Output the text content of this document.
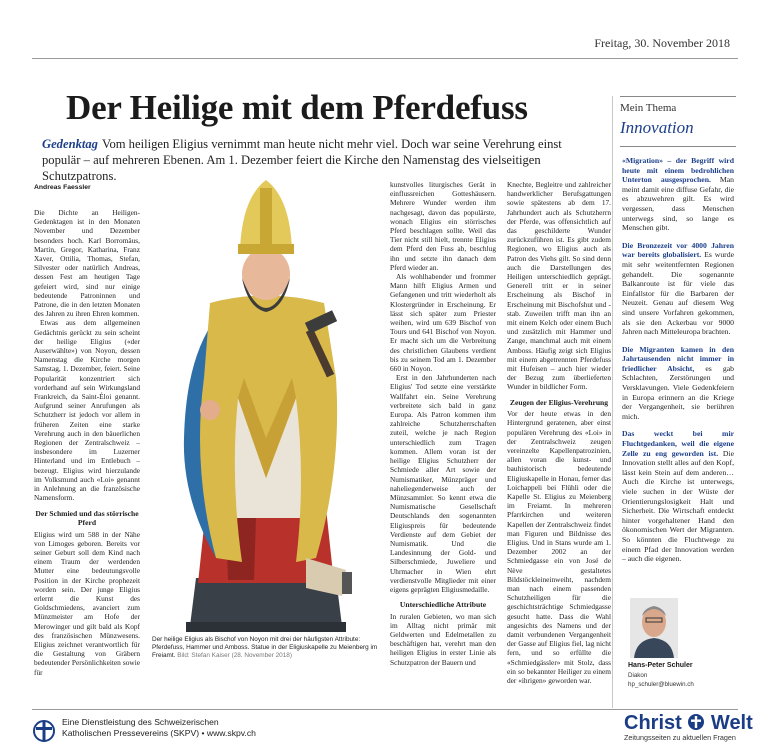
Freitag, 30. November 2018
Der Heilige mit dem Pferdefuss
Gedenktag Vom heiligen Eligius vernimmt man heute nicht mehr viel. Doch war seine Verehrung einst populär – auf mehreren Ebenen. Am 1. Dezember feiert die Kirche den Namenstag des vielseitigen Schutzpatrons.
Andreas Faessler

Die Dichte an Heiligen-Gedenktagen ist in den Monaten November und Dezember besonders hoch. Karl Borromäus, Martin, Gregor, Katharina, Franz Xaver, Ottilia, Thomas, Stefan, Silvester oder natürlich Andreas, dessen Fest am heutigen Tage gefeiert wird, sind nur einige bedeutende Patroninnen und Patrone, die in den letzten Monaten des Jahren zu ihren Ehren kommen.

Etwas aus dem allgemeinen Gedächtnis gerückt zu sein scheint der heilige Eligius («der Auserwählte») von Noyon, dessen Namenstag die Kirche morgen Samstag, 1. Dezember, feiert. Seine Popularität konzentriert sich vorderhand auf sein Wirkungsland Frankreich, da Saint-Éloi genannt. Aufgrund seiner Anrufungen als Schutzherr ist jedoch vor allem in früheren Zeiten eine starke Verehrung auch in den bäuerlichen Regionen der Zentralschweiz – insbesondere im Luzerner Hinterland und im Entlebuch – bezeugt. Eligius wird hierzulande im Volksmund auch «Loi» genannt in Anlehnung an die französische Namensform.

Der Schmied und das störrische Pferd

Eligius wird um 588 in der Nähe von Limoges geboren. Bereits vor seiner Geburt soll dem Kind nach einem Traum der werdenden Mutter eine bedeutungsvolle Position in der Kirche prophezeit worden sein. Der junge Eligius erlernt die Kunst des Goldschmiedens, avanciert zum Münzmeister am Hofe der Merowinger und gilt bald als Kopf des französischen Münzwesens. Eligius zeichnet verantwortlich für die Gestaltung von Gräbern bedeutender Persönlichkeiten sowie für

Der heilige Eligius als Bischof von Noyon mit drei der häufigsten Attribute: Pferdefuss, Hammer und Amboss. Statue in der Eligiuskapelle zu Meienberg im Freiamt. Bild: Stefan Kaiser (28. November 2018)

kunstvolles liturgisches Gerät in einflussreichen Gotteshäusern. Mehrere Wunder werden ihm nachgesagt, davon das populärste, wonach Eligius ein störrisches Pferd beschlagen sollte. Weil das Tier nicht still hielt, trennte Eligius dem Pferd den Fuss ab, beschlug ihn und setzte ihn danach dem Pferd wieder an.

Als wohlhabender und frommer Mann hilft Eligius Armen und Gefangenen und tritt wiederholt als Klostergründer in Erscheinung. Er lässt sich später zum Priester weihen, wird um 639 Bischof von Tours und 641 Bischof von Noyon. Er macht sich um die Verbreitung des christlichen Glaubens verdient bis zu seinem Tod am 1. Dezember 660 in Noyon.

Erst in den Jahrhunderten nach Eligius' Tod setzte eine verstärkte Wallfahrt ein. Seine Verehrung verbreitete sich bald in ganz Europa. Als Patron kommen ihm zahlreiche Schutzherrschaften zuteil, welche je nach Region unterschiedlich zum Tragen kommen. Allem voran ist der heilige Eligius Schutzherr der Schmiede aller Art sowie der Numismatiker, Münzpräger und naheliegenderweise auch der Münzsammler. So kennt etwa die Numismatische Gesellschaft Deutschlands den sogenannten Eligiuspreis für bedeutende Verdienste auf dem Gebiet der Numismatik. Und die Landesinnung der Gold- und Silberschmiede, Juweliere und Uhrmacher in Wien ehrt verdienstvolle Mitglieder mit einer eigens geprägten Eligiusmedaille.

Unterschiedliche Attribute

In ruralen Gebieten, wo man sich im Alltag nicht primär mit Geldwerten und Edelmetallen zu beschäftigen hat, verehrt man den heiligen Eligius in erster Linie als Schutzpatron der Bauern und

Knechte, Begleitre und zahlreicher handwerklicher Berufsgattungen sowie spätestens ab dem 17. Jahrhundert auch als Schutzherrn der Pferde, was offensichtlich auf das geschilderte Wunder zurückzuführen ist. Es gibt zudem Regionen, wo Eligius auch als Patron des Viehs gilt. So sind denn auch die Darstellungen des Heiligen unterschiedlich geprägt. Generell tritt er in seiner Erscheinung als Bischof in Erscheinung mit Bischofshut und -stab. Zuweilen trifft man ihn an mit einem Kelch oder einem Buch und zusätzlich mit Hammer und Zange, manchmal auch mit einem Amboss. Häufig zeigt sich Eligius mit einem abgetrennten Pferdefuss mit Hufeisen – auch hier wieder der Bezug zum überlieferten Wunder in bildlicher Form.

Zeugen der Eligius-Verehrung

Vor der heute etwas in den Hintergrund geratenen, aber einst populären Verehrung des «Loi» in der Zentralschweiz zeugen vereinzelte Kapellenpatrozinien, allen voran die kunst- und bauhistorisch bedeutende Eligiuskapelle in Honau, ferner das Loichappeli bei Flühli oder die Kapelle St. Eligius zu Meienberg im Freiamt. In mehreren Pfarrkirchen und weiteren Kapellen der Zentralschweiz findet man Figuren und Bildnisse des Eligius. Und in Stans wurde am 1. Dezember 2002 an der Schmiedgasse ein von José de Nève gestaltetes Bildstöckleineinweiht, nachdem man nach einem passenden Schutzheiligen für die geschichtsträchtige Schmiedgasse gesucht hatte. Dass die Wahl angesichts des Namens und der damit verbundenen Vergangenheit der Gasse auf Eligius fiel, lag nicht fern, und so erfüllte die «Schmiedgässler» mit Stolz, dass ein so bekannter Heiliger zu einem der «ihrigen» geworden war.

Mein Thema
Innovation

«Migration» – der Begriff wird heute mit einem bedrohlichen Unterton ausgesprochen. Man meint damit eine diffuse Gefahr, die es abzuwehren gilt. Es wird vergessen, dass Menschen unterwegs sind, so lange es Menschen gibt.

Die Bronzezeit vor 4000 Jahren war bereits globalisiert. Es wurde mit sehr weitentfernten Regionen gehandelt. Die sogenannte Balkanroute ist für viele das Einfallstor für die Barbaren der Neuzeit. Genau auf diesem Weg sind unsere Vorfahren gekommen, als sie den Ackerbau vor 9000 Jahren nach Mitteleuropa brachten.

Die Migranten kamen in den Jahrtausenden nicht immer in friedlicher Absicht, es gab Schlachten, Zerstörungen und Versklavungen. Viele Gedenkfeiern in Europa erinnern an die Kriege der Vergangenheit, sie berühren mich.

Das weckt bei mir Fluchtgedanken, weil die eigene Zelle zu eng geworden ist. Die Innovation stellt alles auf den Kopf, lässt kein Stein auf dem anderen… Auch die Kirche ist unterwegs, viele suchen in der Wüste der Orientierungslosigkeit Halt und Sicherheit. Die Wirtschaft entdeckt hinter vorgehaltener Hand den ökonomischen Wert der Migranten. So könnten die Fluchtwege zu einem Pfad der Innovation werden – auch die eigenen.

Hans-Peter Schuler
Diakon
hp_schuler@bluewin.ch
Eine Dienstleistung des Schweizerischen
Katholischen Pressevereins (SKPV) • www.skpv.ch	Christ Welt
Zeitungsseiten zu aktuellen Fragen
